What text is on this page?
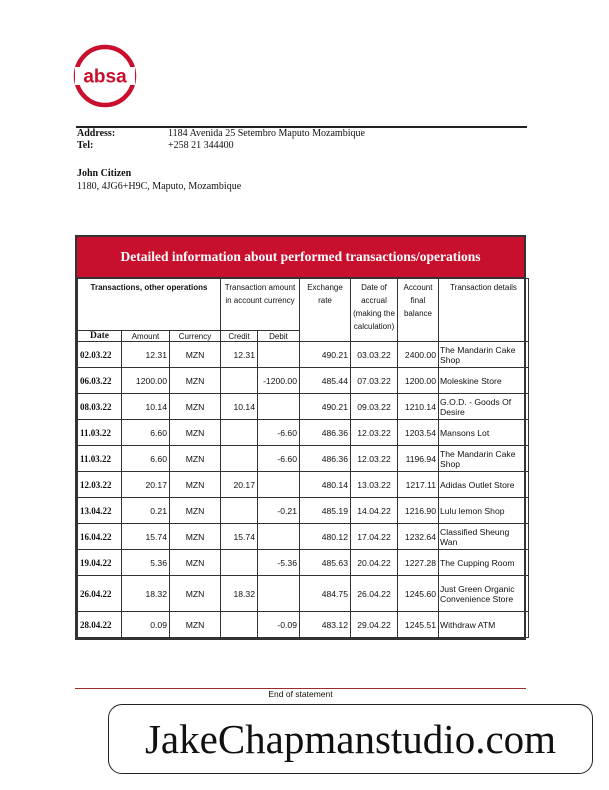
absa
Address:	1184 Avenida 25 Setembro Maputo Mozambique
Tel:	+258 21 344400
John Citizen
1180, 4JG6+H9C, Maputo, Mozambique
Detailed information about performed transactions/operations
Transactions, other operations			Transaction amount in account currency		Exchange rate	Date of accrual (making the calculation)	Account final balance	Transaction details
Date	Amount	Currency	Credit	Debit				
02.03.22	12.31	MZN	12.31		490.21	03.03.22	2400.00	The Mandarin Cake Shop
06.03.22	1200.00	MZN		-1200.00	485.44	07.03.22	1200.00	Moleskine Store
08.03.22	10.14	MZN	10.14		490.21	09.03.22	1210.14	G.O.D. - Goods Of Desire
11.03.22	6.60	MZN		-6.60	486.36	12.03.22	1203.54	Mansons Lot
11.03.22	6.60	MZN		-6.60	486.36	12.03.22	1196.94	The Mandarin Cake Shop
12.03.22	20.17	MZN	20.17		480.14	13.03.22	1217.11	Adidas Outlet Store
13.04.22	0.21	MZN		-0.21	485.19	14.04.22	1216.90	Lulu lemon Shop
16.04.22	15.74	MZN	15.74		480.12	17.04.22	1232.64	Classified Sheung Wan
19.04.22	5.36	MZN		-5.36	485.63	20.04.22	1227.28	The Cupping Room
26.04.22	18.32	MZN	18.32		484.75	26.04.22	1245.60	Just Green Organic Convenience Store
28.04.22	0.09	MZN		-0.09	483.12	29.04.22	1245.51	Withdraw ATM
End of statement
JakeChapmanstudio.com
